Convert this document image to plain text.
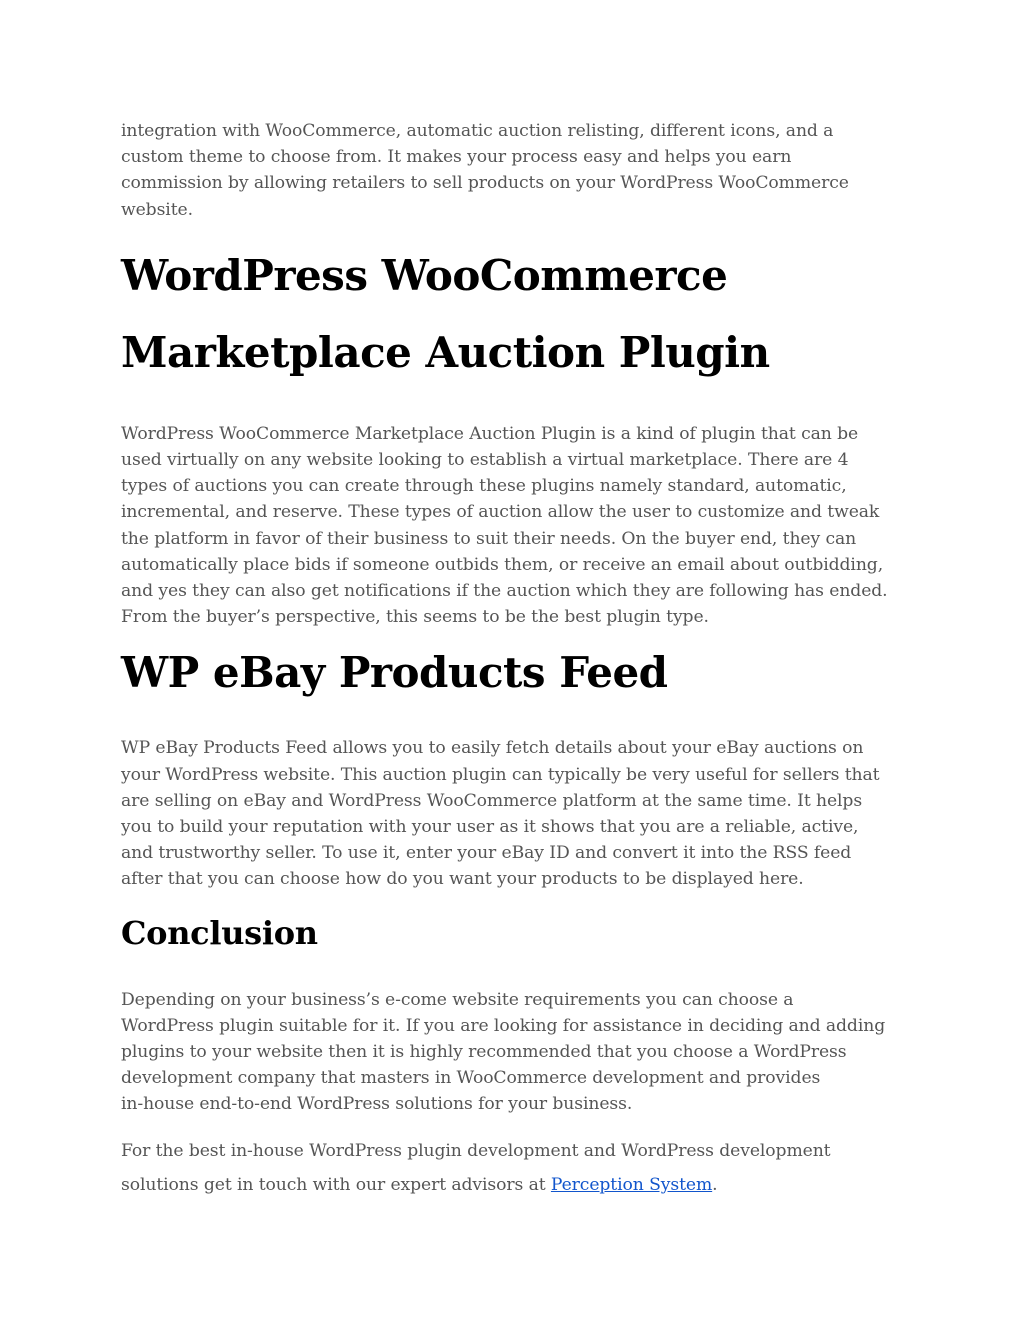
integration with WooCommerce, automatic auction relisting, different icons, and a
custom theme to choose from. It makes your process easy and helps you earn
commission by allowing retailers to sell products on your WordPress WooCommerce
website.

WordPress WooCommerce
Marketplace Auction Plugin

WordPress WooCommerce Marketplace Auction Plugin is a kind of plugin that can be
used virtually on any website looking to establish a virtual marketplace. There are 4
types of auctions you can create through these plugins namely standard, automatic,
incremental, and reserve. These types of auction allow the user to customize and tweak
the platform in favor of their business to suit their needs. On the buyer end, they can
automatically place bids if someone outbids them, or receive an email about outbidding,
and yes they can also get notifications if the auction which they are following has ended.
From the buyer’s perspective, this seems to be the best plugin type.

WP eBay Products Feed

WP eBay Products Feed allows you to easily fetch details about your eBay auctions on
your WordPress website. This auction plugin can typically be very useful for sellers that
are selling on eBay and WordPress WooCommerce platform at the same time. It helps
you to build your reputation with your user as it shows that you are a reliable, active,
and trustworthy seller. To use it, enter your eBay ID and convert it into the RSS feed
after that you can choose how do you want your products to be displayed here.

Conclusion

Depending on your business’s e-come website requirements you can choose a
WordPress plugin suitable for it. If you are looking for assistance in deciding and adding
plugins to your website then it is highly recommended that you choose a WordPress
development company that masters in WooCommerce development and provides
in-house end-to-end WordPress solutions for your business.

For the best in-house WordPress plugin development and WordPress development
solutions get in touch with our expert advisors at Perception System.
